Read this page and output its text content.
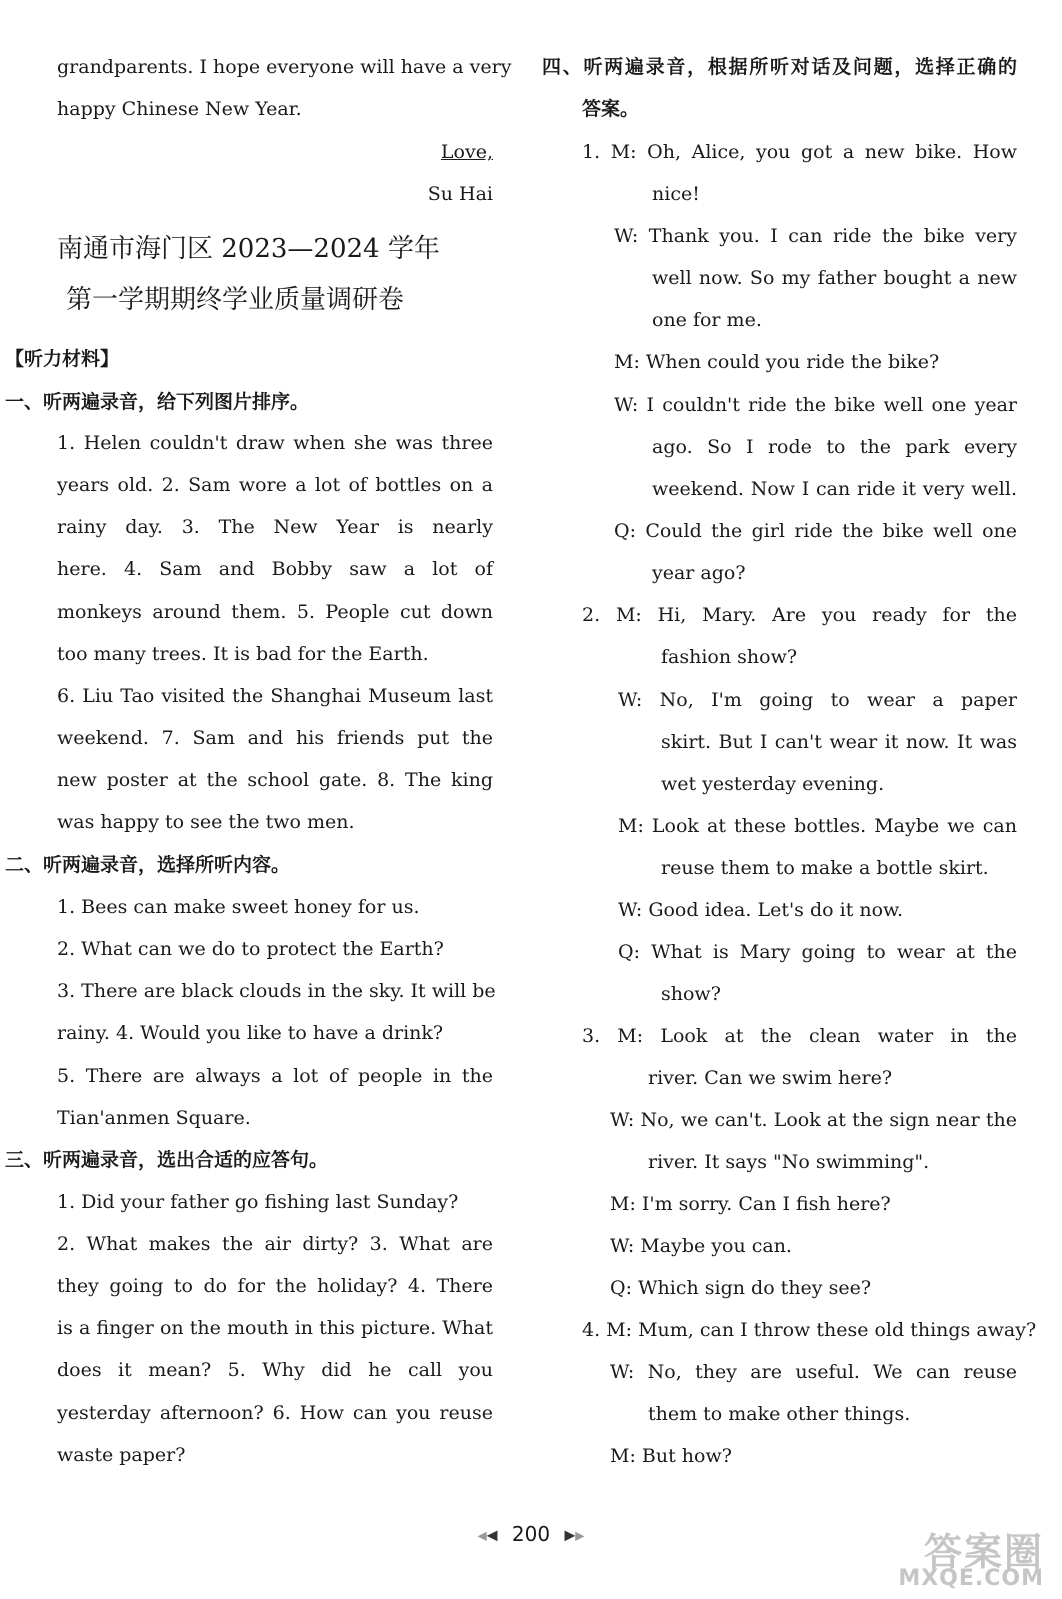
grandparents. I hope everyone will have a very
happy Chinese New Year.
Love,
Su Hai
南通市海门区 2023—2024 学年
第一学期期终学业质量调研卷
【听力材料】
一、听两遍录音，给下列图片排序。
1. Helen couldn't draw when she was three
years old. 2. Sam wore a lot of bottles on a
rainy day. 3. The New Year is nearly
here. 4. Sam and Bobby saw a lot of
monkeys around them. 5. People cut down
too many trees. It is bad for the Earth.
6. Liu Tao visited the Shanghai Museum last
weekend. 7. Sam and his friends put the
new poster at the school gate. 8. The king
was happy to see the two men.
二、听两遍录音，选择所听内容。
1. Bees can make sweet honey for us.
2. What can we do to protect the Earth?
3. There are black clouds in the sky. It will be
rainy. 4. Would you like to have a drink?
5. There are always a lot of people in the
Tian'anmen Square.
三、听两遍录音，选出合适的应答句。
1. Did your father go fishing last Sunday?
2. What makes the air dirty? 3. What are
they going to do for the holiday? 4. There
is a finger on the mouth in this picture. What
does it mean? 5. Why did he call you
yesterday afternoon? 6. How can you reuse
waste paper?
四、听两遍录音，根据所听对话及问题，选择正确的
答案。
1. M: Oh, Alice, you got a new bike. How
nice!
W: Thank you. I can ride the bike very
well now. So my father bought a new
one for me.
M: When could you ride the bike?
W: I couldn't ride the bike well one year
ago. So I rode to the park every
weekend. Now I can ride it very well.
Q: Could the girl ride the bike well one
year ago?
2. M: Hi, Mary. Are you ready for the
fashion show?
W: No, I'm going to wear a paper
skirt. But I can't wear it now. It was
wet yesterday evening.
M: Look at these bottles. Maybe we can
reuse them to make a bottle skirt.
W: Good idea. Let's do it now.
Q: What is Mary going to wear at the
show?
3. M: Look at the clean water in the
river. Can we swim here?
W: No, we can't. Look at the sign near the
river. It says "No swimming".
M: I'm sorry. Can I fish here?
W: Maybe you can.
Q: Which sign do they see?
4. M: Mum, can I throw these old things away?
W: No, they are useful. We can reuse
them to make other things.
M: But how?
◀◀ 200 ▶▶	答案圈
MXQE.COM
